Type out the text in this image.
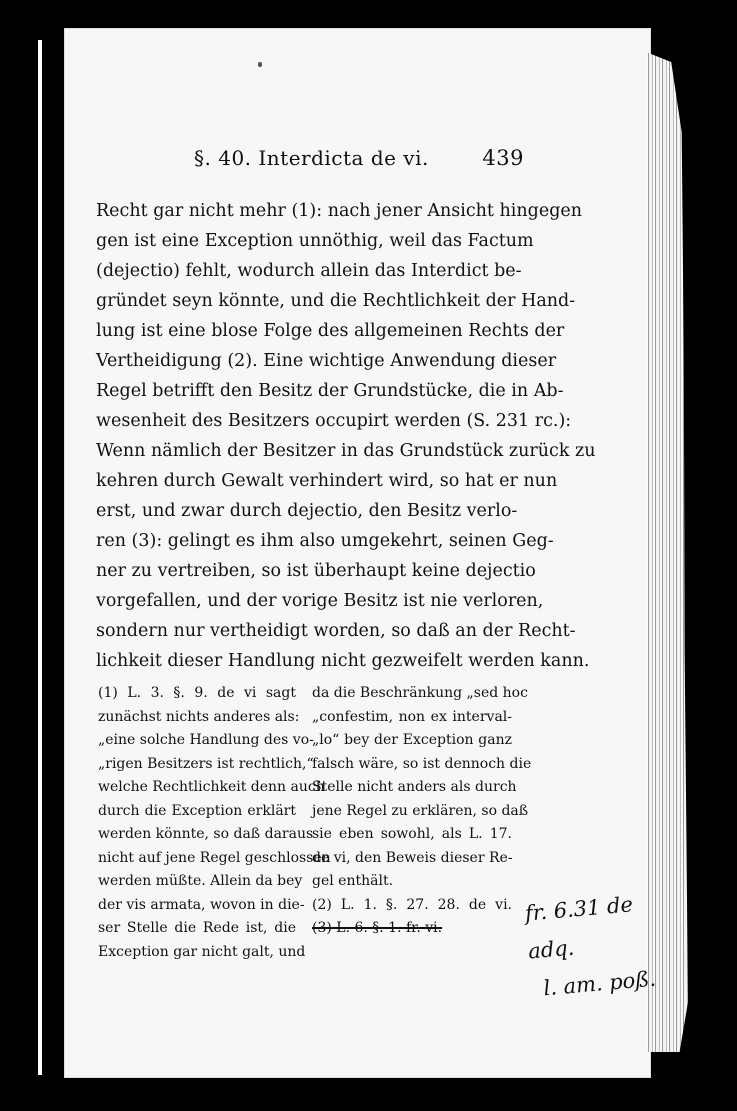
§. 40. Interdicta de vi.	439
Recht gar nicht mehr (1): nach jener Ansicht hingegen
gen ist eine Exception unnöthig, weil das Factum
(dejectio) fehlt, wodurch allein das Interdict be-
gründet seyn könnte, und die Rechtlichkeit der Hand-
lung ist eine blose Folge des allgemeinen Rechts der
Vertheidigung (2). Eine wichtige Anwendung dieser
Regel betrifft den Besitz der Grundstücke, die in Ab-
wesenheit des Besitzers occupirt werden (S. 231 rc.):
Wenn nämlich der Besitzer in das Grundstück zurück zu
kehren durch Gewalt verhindert wird, so hat er nun
erst, und zwar durch dejectio, den Besitz verlo-
ren (3): gelingt es ihm also umgekehrt, seinen Geg-
ner zu vertreiben, so ist überhaupt keine dejectio
vorgefallen, und der vorige Besitz ist nie verloren,
sondern nur vertheidigt worden, so daß an der Recht-
lichkeit dieser Handlung nicht gezweifelt werden kann.
(1) L. 3. §. 9. de vi sagt
zunächst nichts anderes als:
„eine solche Handlung des vo-
„rigen Besitzers ist rechtlich,“
welche Rechtlichkeit denn auch
durch die Exception erklärt
werden könnte, so daß daraus
nicht auf jene Regel geschlossen
werden müßte. Allein da bey
der vis armata, wovon in die-
ser Stelle die Rede ist, die
Exception gar nicht galt, und
da die Beschränkung „sed hoc
„confestim, non ex interval-
„lo“ bey der Exception ganz
falsch wäre, so ist dennoch die
Stelle nicht anders als durch
jene Regel zu erklären, so daß
sie eben sowohl, als L. 17.
de vi, den Beweis dieser Re-
gel enthält.
(2) L. 1. §. 27. 28. de vi.
(3) L. 6. §. 1. fr. vi.
fr. 6.31 de adq.
l. am. poß.
